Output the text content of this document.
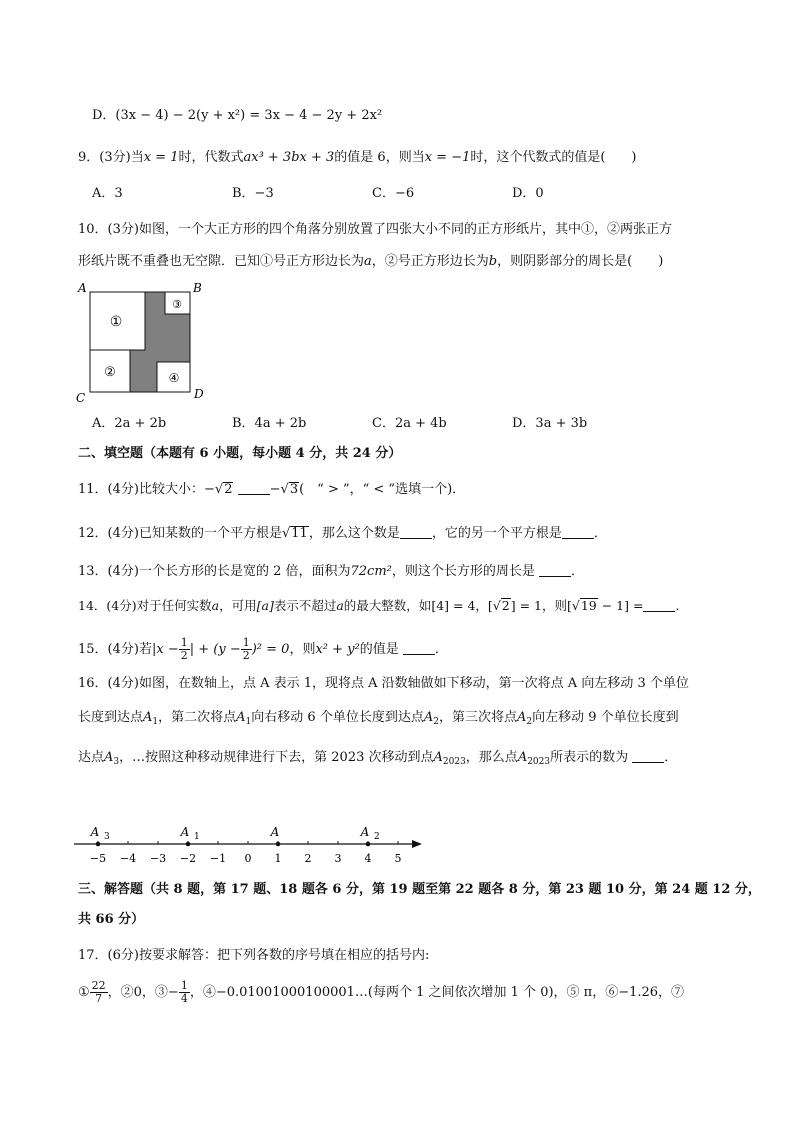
D．(3x − 4) − 2(y + x²) = 3x − 4 − 2y + 2x²
9．(3分)当x = 1时，代数式ax³ + 3bx + 3的值是 6，则当x = −1时，这个代数式的值是(　　)
A．3	B．−3	C．−6	D．0
10．(3分)如图，一个大正方形的四个角落分别放置了四张大小不同的正方形纸片，其中①，②两张正方
形纸片既不重叠也无空隙．已知①号正方形边长为a，②号正方形边长为b，则阴影部分的周长是(　　)
①
②
③
④
A	B
C	D
A．2a + 2b	B．4a + 2b	C．2a + 4b	D．3a + 3b
二、填空题（本题有 6 小题，每小题 4 分，共 24 分）
11．(4分)比较大小：−√2	−√3(　“ > ”，“ < ”选填一个)．
12．(4分)已知某数的一个平方根是√11，那么这个数是 ，它的另一个平方根是 ．
13．(4分)一个长方形的长是宽的 2 倍，面积为72cm²，则这个长方形的周长是	．
14．(4分)对于任何实数a，可用[a]表示不超过a的最大整数，如[4] = 4，[√2] = 1，则[√19 − 1] =	．
15．(4分)若$|x - \frac{1}{2}$ | + $(y - \frac{1}{2} )^2 = 0$，则x² + y²的值是	．
16．(4分)如图，在数轴上，点 A 表示 1，现将点 A 沿数轴做如下移动，第一次将点 A 向左移动 3 个单位
长度到达点$A_1$，第二次将点$A_1$向右移动 6 个单位长度到达点$A_2$，第三次将点$A_2$向左移动 9 个单位长度到
达点$A_3$，…按照这种移动规律进行下去，第 2023 次移动到点$A_{2023}$，那么点$A_{2023}$所表示的数为	．
−5 −4 −3 −2 −1 0 1 2 3 4 5
A 3	A 1	A	A 2
三、解答题（共 8 题，第 17 题、18 题各 6 分，第 19 题至第 22 题各 8 分，第 23 题 10 分，第 24 题 12 分，
共 66 分）
17．(6分)按要求解答：把下列各数的序号填在相应的括号内:
① $\frac{22}{7}$ ，②0，③− $\frac{1}{4}$ ，④−0.01001000100001…(每两个 1 之间依次增加 1 个 0)，⑤ π，⑥−1.26，⑦
